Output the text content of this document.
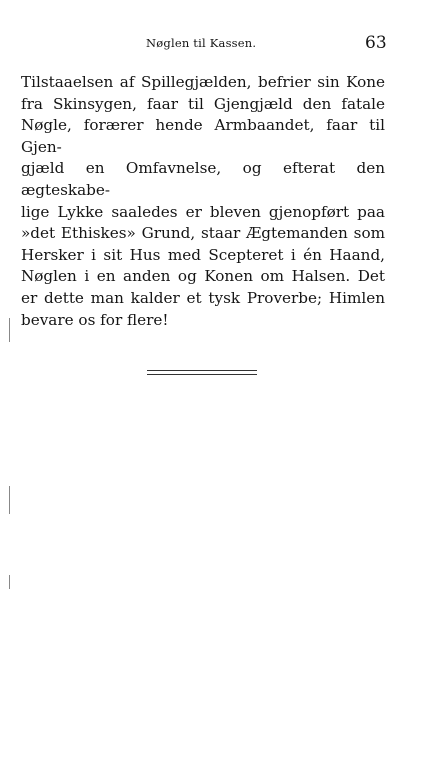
Nøglen til Kassen.	63
Tilstaaelsen af Spillegjælden, befrier sin Kone
fra Skinsygen, faar til Gjengjæld den fatale
Nøgle, forærer hende Armbaandet, faar til Gjen-
gjæld en Omfavnelse, og efterat den ægteskabe-
lige Lykke saaledes er bleven gjenopført paa
»det Ethiskes» Grund, staar Ægtemanden som
Hersker i sit Hus med Scepteret i én Haand,
Nøglen i en anden og Konen om Halsen. Det
er dette man kalder et tysk Proverbe; Himlen
bevare os for flere!
